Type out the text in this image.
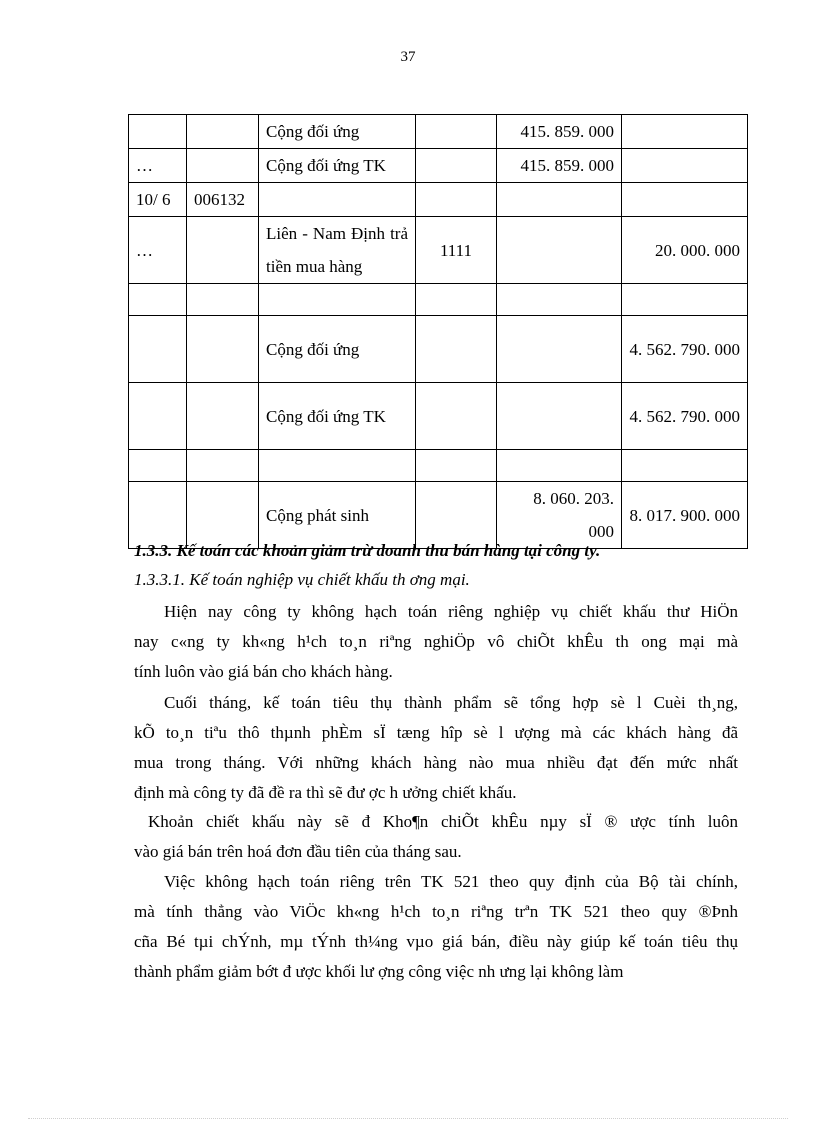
37
		Cộng đối ứng		415. 859. 000	
…		Cộng đối ứng TK		415. 859. 000	
10/ 6	006132				
…		Liên - Nam Định trả tiền mua hàng	1111		20. 000. 000

		Cộng đối ứng			4. 562. 790. 000
		Cộng đối ứng TK			4. 562. 790. 000

		Cộng phát sinh		8. 060. 203. 000	8. 017. 900. 000
1.3.3. Kế toán các khoản giảm trừ doanh thu bán hàng tại công ty.
1.3.3.1. Kế toán nghiệp vụ chiết khấu th ơng mại.

Hiện nay công ty không hạch toán riêng nghiệp vụ chiết khấu thư HiÖn

nay c«ng ty kh«ng h¹ch to¸n riªng nghiÖp vô chiÕt khÊu th ong mại mà

tính luôn vào giá bán cho khách hàng.

Cuối tháng, kế toán tiêu thụ thành phẩm sẽ tổng hợp sè l Cuèi th¸ng,

kÕ to¸n tiªu thô thµnh phÈm sÏ tæng hîp sè l ượng mà các khách hàng đã

mua trong tháng. Với những khách hàng nào mua nhiều đạt đến mức nhất

định mà công ty đã đề ra thì sẽ đư ợc h ưởng chiết khấu.

Khoản chiết khấu này sẽ đ Kho¶n chiÕt khÊu nµy sÏ ® ược tính luôn

vào giá bán trên hoá đơn đầu tiên của tháng sau.

Việc không hạch toán riêng trên TK 521 theo quy định của Bộ tài chính,

mà tính thẳng vào ViÖc kh«ng h¹ch to¸n riªng trªn TK 521 theo quy ®Þnh

cña Bé tµi chÝnh, mµ tÝnh th¼ng vµo giá bán, điều này giúp kế toán tiêu thụ

thành phẩm giảm bớt đ ược khối lư ợng công việc nh ưng lại không làm
